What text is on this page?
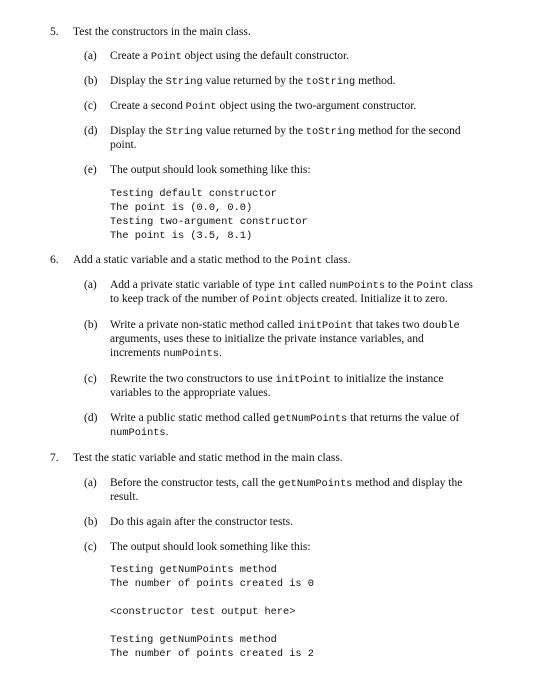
5. Test the constructors in the main class.
(a) Create a Point object using the default constructor.
(b) Display the String value returned by the toString method.
(c) Create a second Point object using the two-argument constructor.
(d) Display the String value returned by the toString method for the second
point.
(e) The output should look something like this:
Testing default constructor
The point is (0.0, 0.0)
Testing two-argument constructor
The point is (3.5, 8.1)
6. Add a static variable and a static method to the Point class.
(a) Add a private static variable of type int called numPoints to the Point class
to keep track of the number of Point objects created. Initialize it to zero.
(b) Write a private non-static method called initPoint that takes two double
arguments, uses these to initialize the private instance variables, and
increments numPoints.
(c) Rewrite the two constructors to use initPoint to initialize the instance
variables to the appropriate values.
(d) Write a public static method called getNumPoints that returns the value of
numPoints.
7. Test the static variable and static method in the main class.
(a) Before the constructor tests, call the getNumPoints method and display the
result.
(b) Do this again after the constructor tests.
(c) The output should look something like this:
Testing getNumPoints method
The number of points created is 0
<constructor test output here>
Testing getNumPoints method
The number of points created is 2
